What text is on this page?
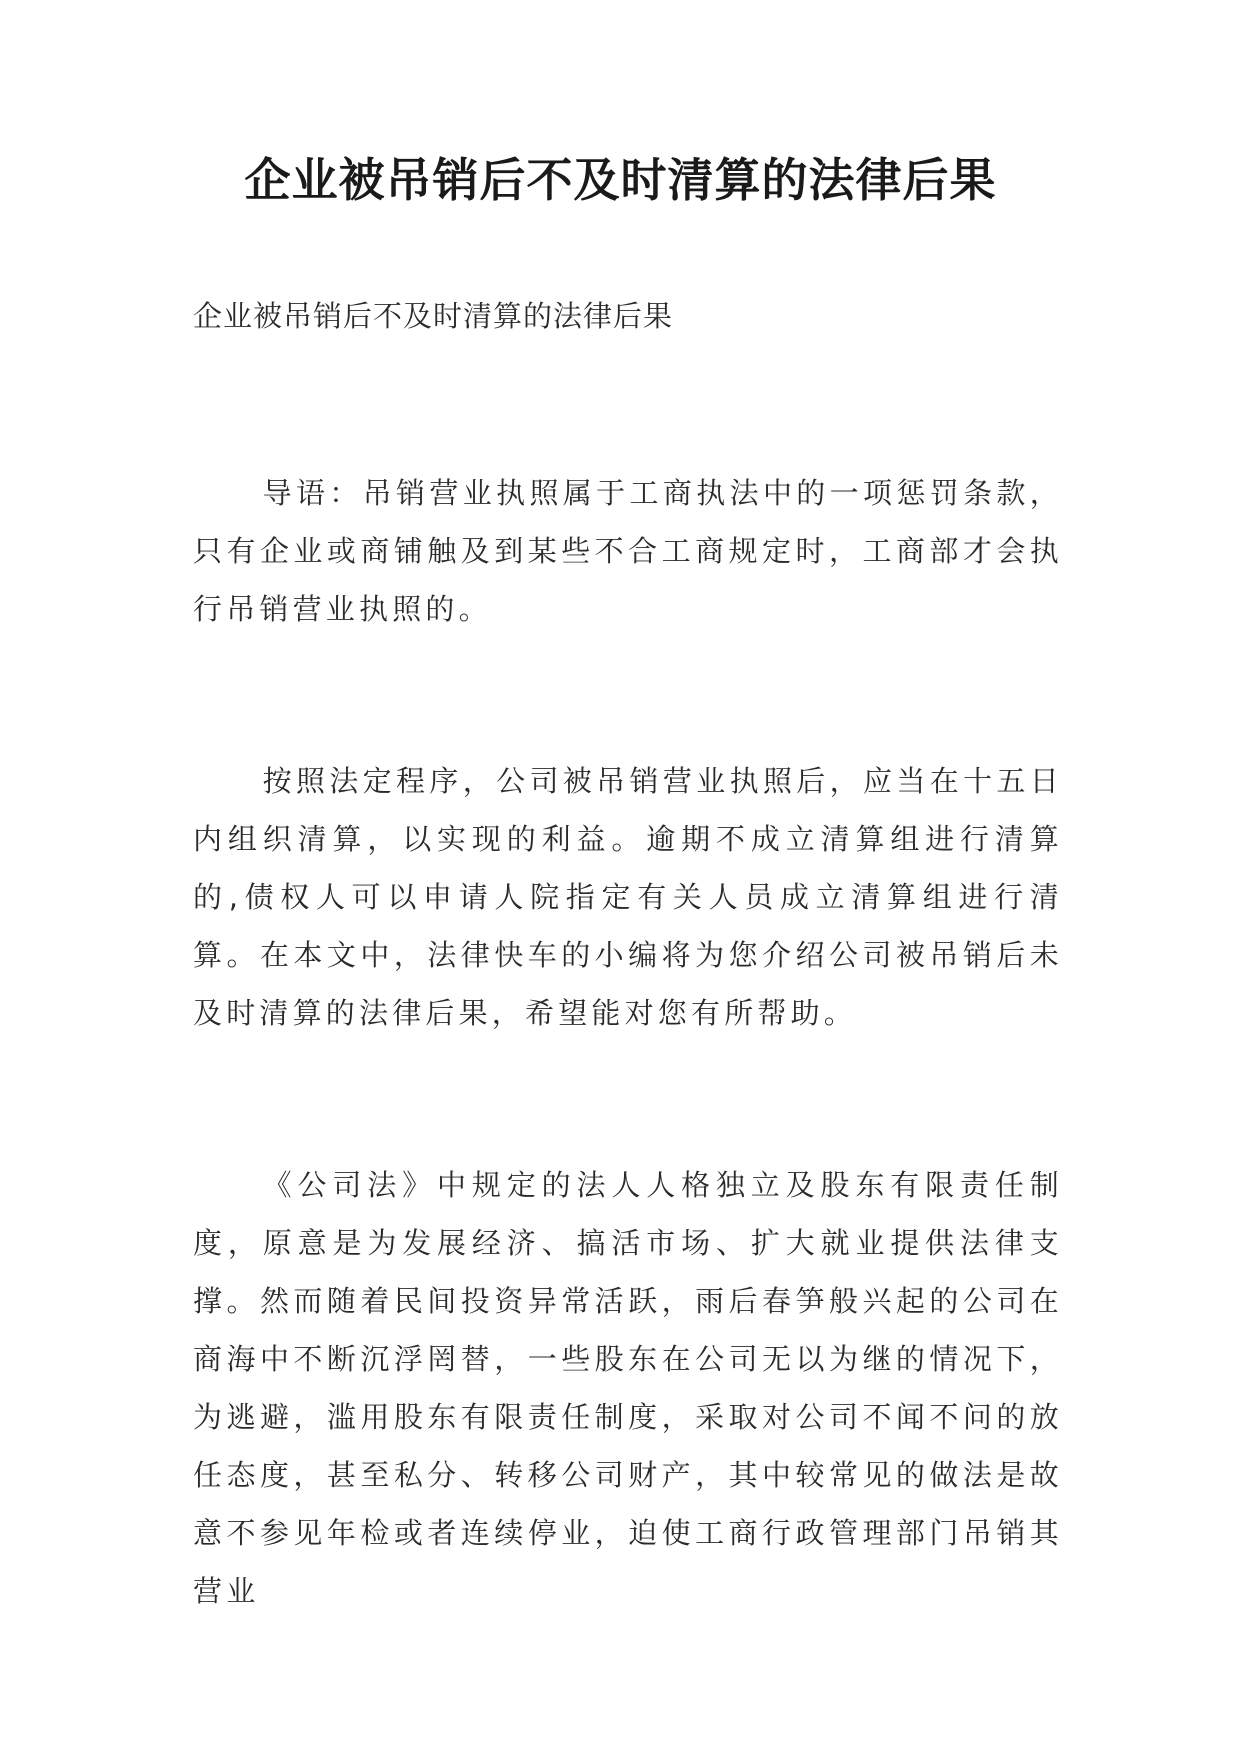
企业被吊销后不及时清算的法律后果

企业被吊销后不及时清算的法律后果

导语：吊销营业执照属于工商执法中的一项惩罚条款，只有企业或商铺触及到某些不合工商规定时，工商部才会执行吊销营业执照的。

按照法定程序，公司被吊销营业执照后，应当在十五日内组织清算，以实现的利益。逾期不成立清算组进行清算的,债权人可以申请人院指定有关人员成立清算组进行清算。在本文中，法律快车的小编将为您介绍公司被吊销后未及时清算的法律后果，希望能对您有所帮助。

《公司法》中规定的法人人格独立及股东有限责任制度，原意是为发展经济、搞活市场、扩大就业提供法律支撑。然而随着民间投资异常活跃，雨后春笋般兴起的公司在商海中不断沉浮罔替，一些股东在公司无以为继的情况下，为逃避，滥用股东有限责任制度，采取对公司不闻不问的放任态度，甚至私分、转移公司财产，其中较常见的做法是故意不参见年检或者连续停业，迫使工商行政管理部门吊销其营业
